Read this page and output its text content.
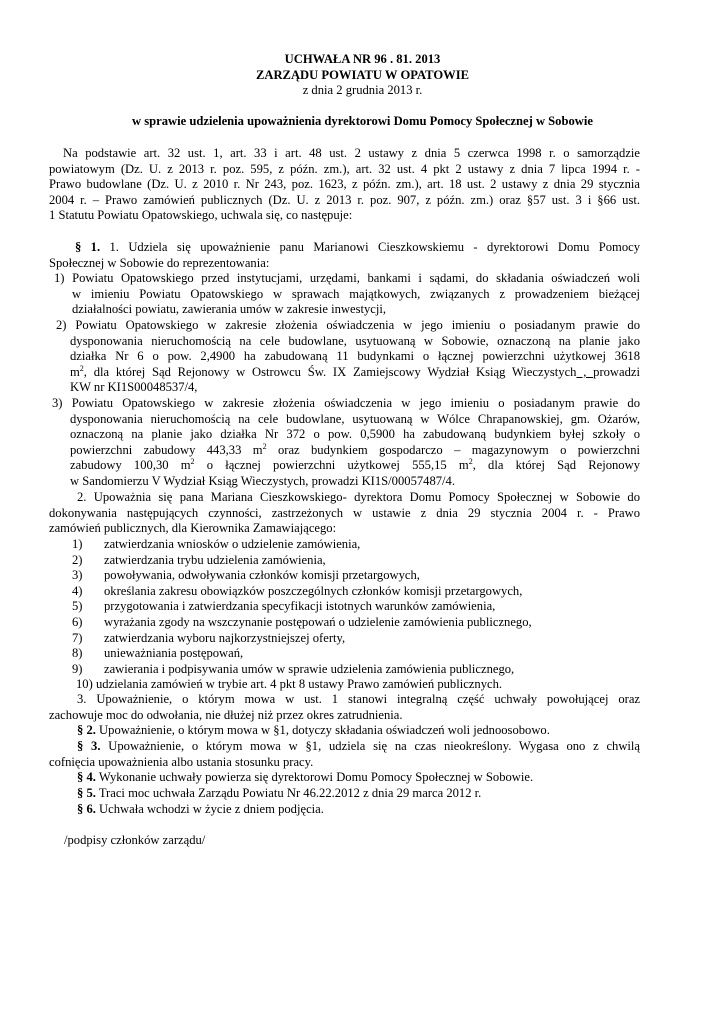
UCHWAŁA NR 96 . 81. 2013
ZARZĄDU POWIATU W OPATOWIE
z dnia 2 grudnia 2013 r.
w sprawie udzielenia upoważnienia dyrektorowi Domu Pomocy Społecznej w Sobowie
Na podstawie art. 32 ust. 1, art. 33 i art. 48 ust. 2 ustawy z dnia 5 czerwca 1998 r. o samorządzie
powiatowym (Dz. U. z 2013 r. poz. 595, z późn. zm.), art. 32 ust. 4 pkt 2 ustawy z dnia 7 lipca 1994 r. -
Prawo budowlane (Dz. U. z 2010 r. Nr 243, poz. 1623, z późn. zm.), art. 18 ust. 2 ustawy z dnia 29 stycznia
2004 r. – Prawo zamówień publicznych (Dz. U. z 2013 r. poz. 907, z późn. zm.) oraz §57 ust. 3 i §66 ust.
1 Statutu Powiatu Opatowskiego, uchwala się, co następuje:
§ 1. 1. Udziela się upoważnienie panu Marianowi Cieszkowskiemu - dyrektorowi Domu Pomocy
Społecznej w Sobowie do reprezentowania:
1) Powiatu Opatowskiego przed instytucjami, urzędami, bankami i sądami, do składania oświadczeń woli
w imieniu Powiatu Opatowskiego w sprawach majątkowych, związanych z prowadzeniem bieżącej
działalności powiatu, zawierania umów w zakresie inwestycji,
2) Powiatu Opatowskiego w zakresie złożenia oświadczenia w jego imieniu o posiadanym prawie do
dysponowania nieruchomością na cele budowlane, usytuowaną w Sobowie, oznaczoną na planie jako
działka Nr 6 o pow. 2,4900 ha zabudowaną 11 budynkami o łącznej powierzchni użytkowej 3618
$m^2$, dla której Sąd Rejonowy w Ostrowcu Św. IX Zamiejscowy Wydział Ksiąg Wieczystych , prowadzi
KW nr KI1S00048537/4,
3) Powiatu Opatowskiego w zakresie złożenia oświadczenia w jego imieniu o posiadanym prawie do
dysponowania nieruchomością na cele budowlane, usytuowaną w Wólce Chrapanowskiej, gm. Ożarów,
oznaczoną na planie jako działka Nr 372 o pow. 0,5900 ha zabudowaną budynkiem byłej szkoły o
powierzchni zabudowy 443,33 $m^2$ oraz budynkiem gospodarczo – magazynowym o powierzchni
zabudowy 100,30 $m^2$ o łącznej powierzchni użytkowej 555,15 $m^2$, dla której Sąd Rejonowy
w Sandomierzu V Wydział Ksiąg Wieczystych, prowadzi KI1S/00057487/4.
2. Upoważnia się pana Mariana Cieszkowskiego- dyrektora Domu Pomocy Społecznej w Sobowie do
dokonywania następujących czynności, zastrzeżonych w ustawie z dnia 29 stycznia 2004 r. - Prawo
zamówień publicznych, dla Kierownika Zamawiającego:
1) zatwierdzania wniosków o udzielenie zamówienia,
2) zatwierdzania trybu udzielenia zamówienia,
3) powoływania, odwoływania członków komisji przetargowych,
4) określania zakresu obowiązków poszczególnych członków komisji przetargowych,
5) przygotowania i zatwierdzania specyfikacji istotnych warunków zamówienia,
6) wyrażania zgody na wszczynanie postępowań o udzielenie zamówienia publicznego,
7) zatwierdzania wyboru najkorzystniejszej oferty,
8) unieważniania postępowań,
9) zawierania i podpisywania umów w sprawie udzielenia zamówienia publicznego,
10) udzielania zamówień w trybie art. 4 pkt 8 ustawy Prawo zamówień publicznych.
3. Upoważnienie, o którym mowa w ust. 1 stanowi integralną część uchwały powołującej oraz
zachowuje moc do odwołania, nie dłużej niż przez okres zatrudnienia.
§ 2. Upoważnienie, o którym mowa w §1, dotyczy składania oświadczeń woli jednoosobowo.
§ 3. Upoważnienie, o którym mowa w §1, udziela się na czas nieokreślony. Wygasa ono z chwilą
cofnięcia upoważnienia albo ustania stosunku pracy.
§ 4. Wykonanie uchwały powierza się dyrektorowi Domu Pomocy Społecznej w Sobowie.
§ 5. Traci moc uchwała Zarządu Powiatu Nr 46.22.2012 z dnia 29 marca 2012 r.
§ 6. Uchwała wchodzi w życie z dniem podjęcia.
/podpisy członków zarządu/
